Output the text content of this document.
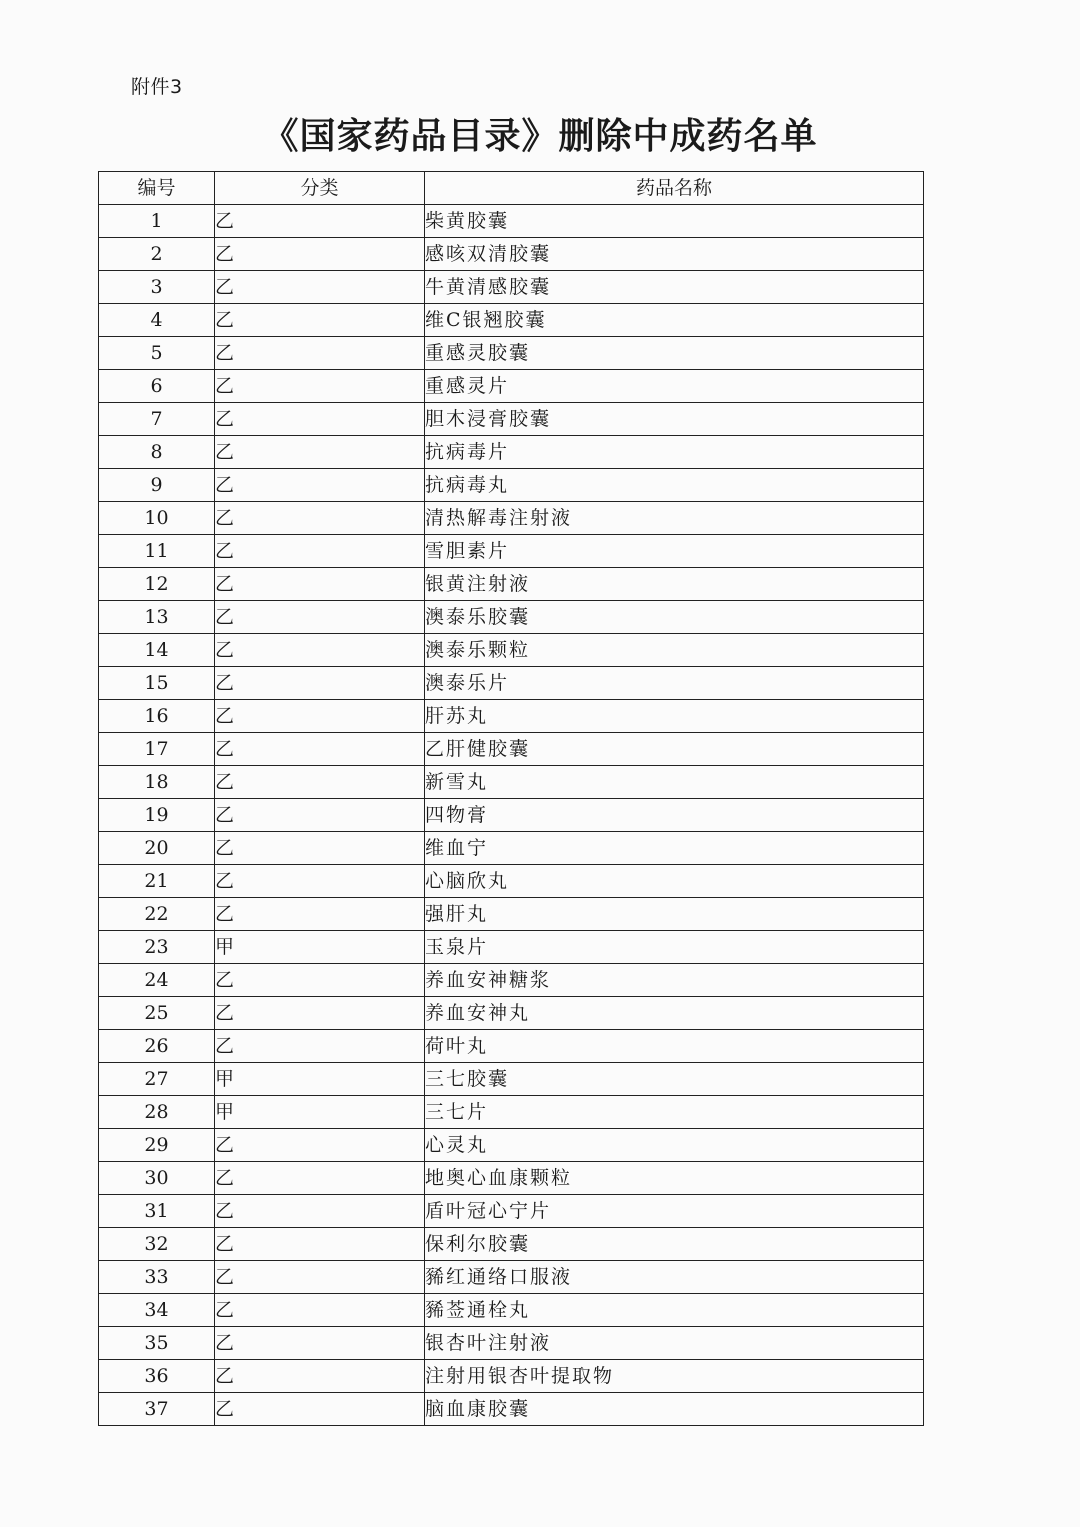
附件3
《国家药品目录》删除中成药名单
编号	分类	药品名称
1	乙	柴黄胶囊
2	乙	感咳双清胶囊
3	乙	牛黄清感胶囊
4	乙	维C银翘胶囊
5	乙	重感灵胶囊
6	乙	重感灵片
7	乙	胆木浸膏胶囊
8	乙	抗病毒片
9	乙	抗病毒丸
10	乙	清热解毒注射液
11	乙	雪胆素片
12	乙	银黄注射液
13	乙	澳泰乐胶囊
14	乙	澳泰乐颗粒
15	乙	澳泰乐片
16	乙	肝苏丸
17	乙	乙肝健胶囊
18	乙	新雪丸
19	乙	四物膏
20	乙	维血宁
21	乙	心脑欣丸
22	乙	强肝丸
23	甲	玉泉片
24	乙	养血安神糖浆
25	乙	养血安神丸
26	乙	荷叶丸
27	甲	三七胶囊
28	甲	三七片
29	乙	心灵丸
30	乙	地奥心血康颗粒
31	乙	盾叶冠心宁片
32	乙	保利尔胶囊
33	乙	豨红通络口服液
34	乙	豨莶通栓丸
35	乙	银杏叶注射液
36	乙	注射用银杏叶提取物
37	乙	脑血康胶囊
